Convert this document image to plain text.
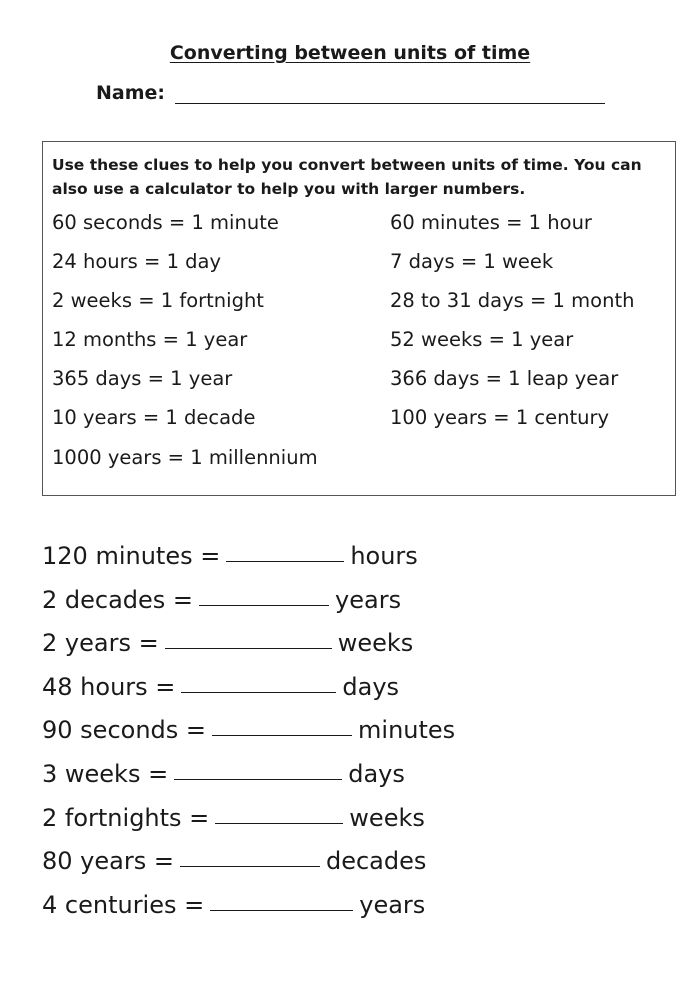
Converting between units of time
Name:
Use these clues to help you convert between units of time. You can also use a calculator to help you with larger numbers.
60 seconds = 1 minute	60 minutes = 1 hour
24 hours = 1 day	7 days = 1 week
2 weeks = 1 fortnight	28 to 31 days = 1 month
12 months = 1 year	52 weeks = 1 year
365 days = 1 year	366 days = 1 leap year
10 years = 1 decade	100 years = 1 century
1000 years = 1 millennium
120 minutes =	hours
2 decades =	years
2 years =	weeks
48 hours =	days
90 seconds =	minutes
3 weeks =	days
2 fortnights =	weeks
80 years =	decades
4 centuries =	years
